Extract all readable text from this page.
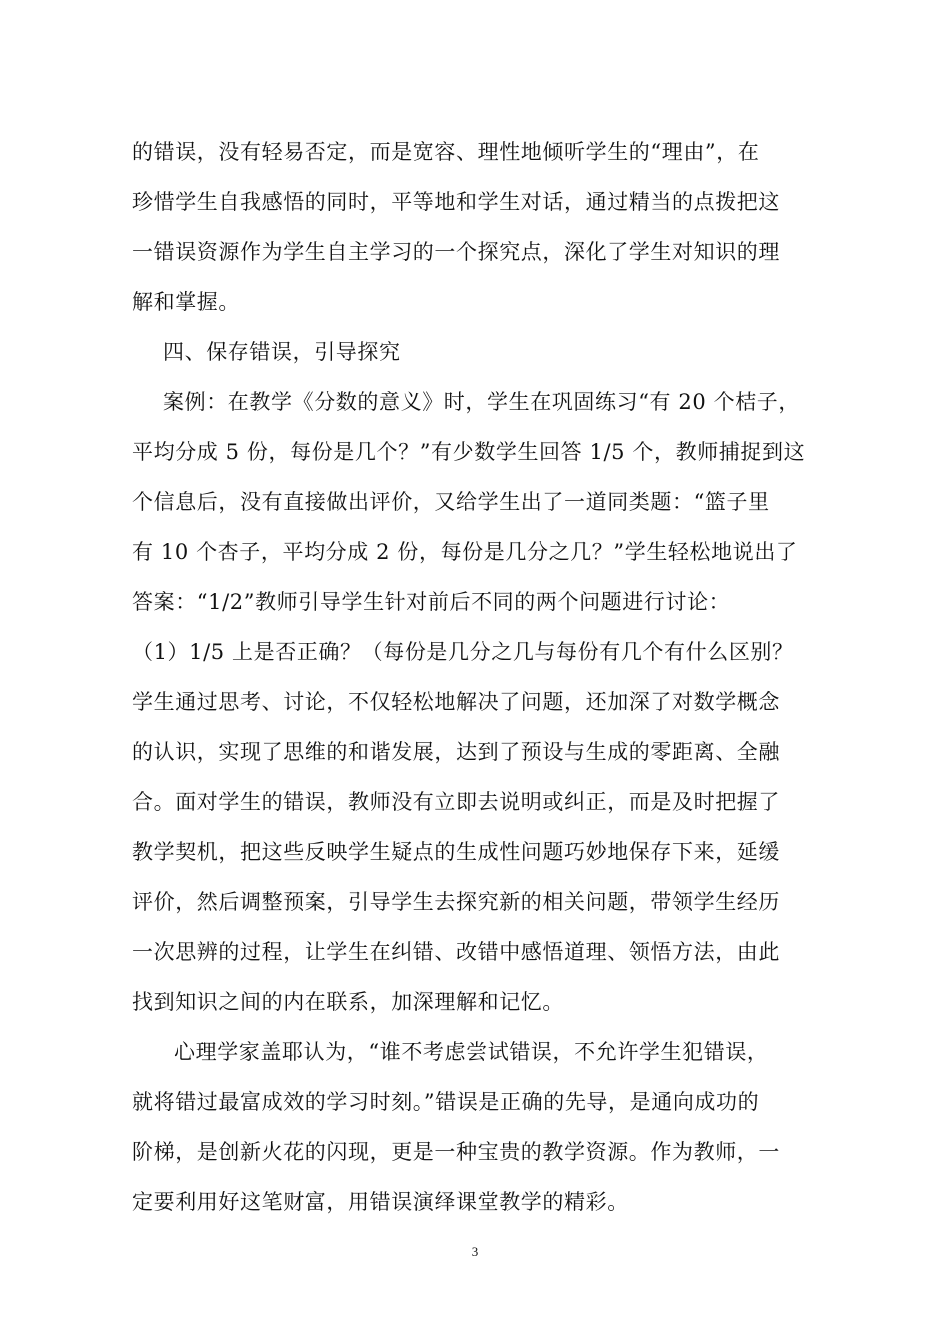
的错误，没有轻易否定，而是宽容、理性地倾听学生的“理由”，在
珍惜学生自我感悟的同时，平等地和学生对话，通过精当的点拨把这
一错误资源作为学生自主学习的一个探究点，深化了学生对知识的理
解和掌握。
四、保存错误，引导探究
案例：在教学《分数的意义》时，学生在巩固练习“有 20 个桔子，
平均分成 5 份，每份是几个？”有少数学生回答 1/5 个，教师捕捉到这
个信息后，没有直接做出评价，又给学生出了一道同类题：“篮子里
有 10 个杏子，平均分成 2 份，每份是几分之几？”学生轻松地说出了
答案：“1/2”教师引导学生针对前后不同的两个问题进行讨论：
（1）1/5 上是否正确？（每份是几分之几与每份有几个有什么区别？
学生通过思考、讨论，不仅轻松地解决了问题，还加深了对数学概念
的认识，实现了思维的和谐发展，达到了预设与生成的零距离、全融
合。面对学生的错误，教师没有立即去说明或纠正，而是及时把握了
教学契机，把这些反映学生疑点的生成性问题巧妙地保存下来，延缓
评价，然后调整预案，引导学生去探究新的相关问题，带领学生经历
一次思辨的过程，让学生在纠错、改错中感悟道理、领悟方法，由此
找到知识之间的内在联系，加深理解和记忆。
心理学家盖耶认为，“谁不考虑尝试错误，不允许学生犯错误，
就将错过最富成效的学习时刻。”错误是正确的先导，是通向成功的
阶梯，是创新火花的闪现，更是一种宝贵的教学资源。作为教师，一
定要利用好这笔财富，用错误演绎课堂教学的精彩。
3
